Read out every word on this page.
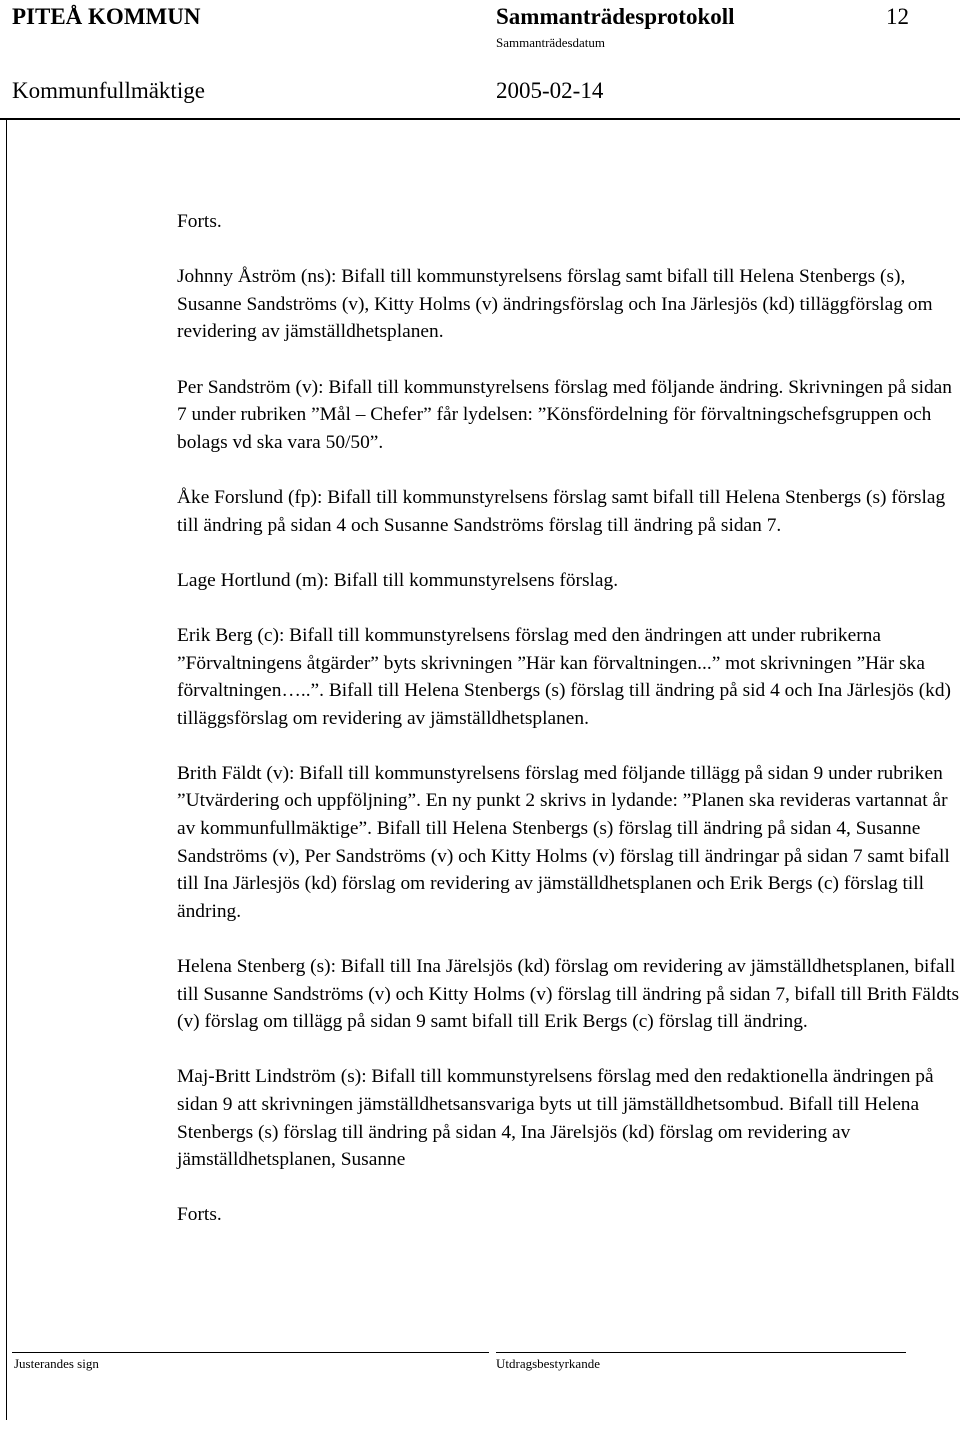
PITEÅ KOMMUN	Sammanträdesprotokoll	12
Sammanträdesdatum
Kommunfullmäktige	2005-02-14

Forts.

Johnny Åström (ns): Bifall till kommunstyrelsens förslag samt bifall till Helena Stenbergs (s), Susanne Sandströms (v), Kitty Holms (v) ändringsförslag och Ina Järlesjös (kd) tilläggförslag om revidering av jämställdhetsplanen.

Per Sandström (v): Bifall till kommunstyrelsens förslag med följande ändring. Skrivningen på sidan 7 under rubriken ”Mål – Chefer” får lydelsen: ”Könsfördelning för förvaltningschefsgruppen och bolags vd ska vara 50/50”.

Åke Forslund (fp): Bifall till kommunstyrelsens förslag samt bifall till Helena Stenbergs (s) förslag till ändring på sidan 4 och Susanne Sandströms förslag till ändring på sidan 7.

Lage Hortlund (m): Bifall till kommunstyrelsens förslag.

Erik Berg (c): Bifall till kommunstyrelsens förslag med den ändringen att under rubrikerna ”Förvaltningens åtgärder” byts skrivningen ”Här kan förvaltningen...” mot skrivningen ”Här ska förvaltningen…..”. Bifall till Helena Stenbergs (s) förslag till ändring på sid 4 och Ina Järlesjös (kd) tilläggsförslag om revidering av jämställdhetsplanen.

Brith Fäldt (v): Bifall till kommunstyrelsens förslag med följande tillägg på sidan 9 under rubriken ”Utvärdering och uppföljning”. En ny punkt 2 skrivs in lydande: ”Planen ska revideras vartannat år av kommunfullmäktige”. Bifall till Helena Stenbergs (s) förslag till ändring på sidan 4, Susanne Sandströms (v), Per Sandströms (v) och Kitty Holms (v) förslag till ändringar på sidan 7 samt bifall till Ina Järlesjös (kd) förslag om revidering av jämställdhetsplanen och Erik Bergs (c) förslag till ändring.

Helena Stenberg (s): Bifall till Ina Järelsjös (kd) förslag om revidering av jämställdhetsplanen, bifall till Susanne Sandströms (v) och Kitty Holms (v) förslag till ändring på sidan 7, bifall till Brith Fäldts (v) förslag om tillägg på sidan 9 samt bifall till Erik Bergs (c) förslag till ändring.

Maj-Britt Lindström (s): Bifall till kommunstyrelsens förslag med den redaktionella ändringen på sidan 9 att skrivningen jämställdhetsansvariga byts ut till jämställdhetsombud. Bifall till Helena Stenbergs (s) förslag till ändring på sidan 4, Ina Järelsjös (kd) förslag om revidering av jämställdhetsplanen, Susanne

Forts.

Justerandes sign	Utdragsbestyrkande
